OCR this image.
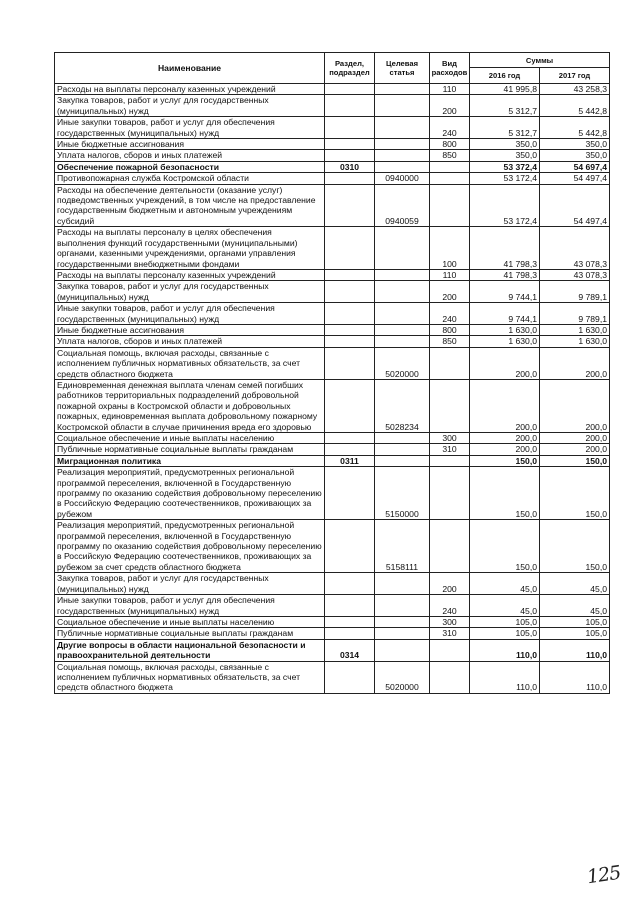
Наименование	Раздел, подраздел	Целевая статья	Вид расходов	Суммы	
				2016 год	2017 год
Расходы на выплаты персоналу казенных учреждений			110	41 995,8	43 258,3
Закупка товаров, работ и услуг для государственных (муниципальных) нужд			200	5 312,7	5 442,8
Иные закупки товаров, работ и услуг для обеспечения государственных (муниципальных) нужд			240	5 312,7	5 442,8
Иные бюджетные ассигнования			800	350,0	350,0
Уплата налогов, сборов и иных платежей			850	350,0	350,0
Обеспечение пожарной безопасности	0310			53 372,4	54 697,4
Противопожарная служба Костромской области		0940000		53 172,4	54 497,4
Расходы на обеспечение деятельности (оказание услуг) подведомственных учреждений, в том числе на предоставление государственным бюджетным и автономным учреждениям субсидий		0940059		53 172,4	54 497,4
Расходы на выплаты персоналу в целях обеспечения выполнения функций государственными (муниципальными) органами, казенными учреждениями, органами управления государственными внебюджетными фондами			100	41 798,3	43 078,3
Расходы на выплаты персоналу казенных учреждений			110	41 798,3	43 078,3
Закупка товаров, работ и услуг для государственных (муниципальных) нужд			200	9 744,1	9 789,1
Иные закупки товаров, работ и услуг для обеспечения государственных (муниципальных) нужд			240	9 744,1	9 789,1
Иные бюджетные ассигнования			800	1 630,0	1 630,0
Уплата налогов, сборов и иных платежей			850	1 630,0	1 630,0
Социальная помощь, включая расходы, связанные с исполнением публичных нормативных обязательств, за счет средств областного бюджета		5020000		200,0	200,0
Единовременная денежная выплата членам семей погибших работников территориальных подразделений добровольной пожарной охраны в Костромской области и добровольных пожарных, единовременная выплата добровольному пожарному Костромской области в случае причинения вреда его здоровью		5028234		200,0	200,0
Социальное обеспечение и иные выплаты населению			300	200,0	200,0
Публичные нормативные социальные выплаты гражданам			310	200,0	200,0
Миграционная политика	0311			150,0	150,0
Реализация мероприятий, предусмотренных региональной программой переселения, включенной в Государственную программу по оказанию содействия добровольному переселению в Российскую Федерацию соотечественников, проживающих за рубежом		5150000		150,0	150,0
Реализация мероприятий, предусмотренных региональной программой переселения, включенной в Государственную программу по оказанию содействия добровольному переселению в Российскую Федерацию соотечественников, проживающих за рубежом за счет средств областного бюджета		5158111		150,0	150,0
Закупка товаров, работ и услуг для государственных (муниципальных) нужд			200	45,0	45,0
Иные закупки товаров, работ и услуг для обеспечения государственных (муниципальных) нужд			240	45,0	45,0
Социальное обеспечение и иные выплаты населению			300	105,0	105,0
Публичные нормативные социальные выплаты гражданам			310	105,0	105,0
Другие вопросы в области национальной безопасности и правоохранительной деятельности	0314			110,0	110,0
Социальная помощь, включая расходы, связанные с исполнением публичных нормативных обязательств, за счет средств областного бюджета		5020000		110,0	110,0
125
